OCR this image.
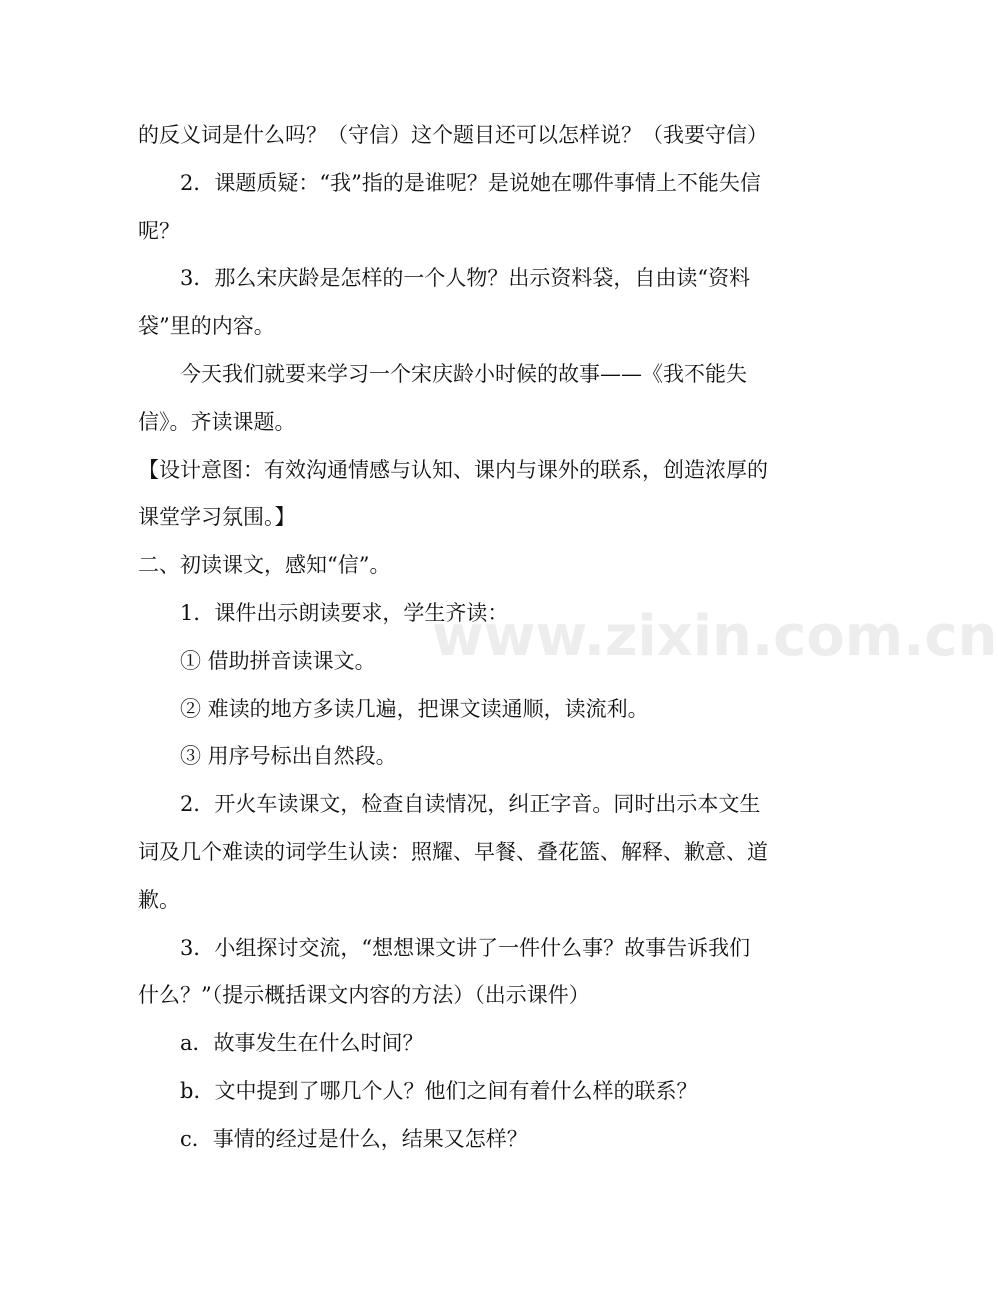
的反义词是什么吗？（守信）这个题目还可以怎样说？（我要守信）
2．课题质疑：“我”指的是谁呢？是说她在哪件事情上不能失信
呢？
3．那么宋庆龄是怎样的一个人物？出示资料袋，自由读“资料
袋”里的内容。
今天我们就要来学习一个宋庆龄小时候的故事——《我不能失
信》。齐读课题。
【设计意图：有效沟通情感与认知、课内与课外的联系，创造浓厚的
课堂学习氛围。】
二、初读课文，感知“信”。
1．课件出示朗读要求，学生齐读：
① 借助拼音读课文。
② 难读的地方多读几遍，把课文读通顺，读流利。
③ 用序号标出自然段。
2．开火车读课文，检查自读情况，纠正字音。同时出示本文生
词及几个难读的词学生认读：照耀、早餐、叠花篮、解释、歉意、道
歉。
3．小组探讨交流，“想想课文讲了一件什么事？故事告诉我们
什么？”（提示概括课文内容的方法）（出示课件）
a．故事发生在什么时间？
b．文中提到了哪几个人？他们之间有着什么样的联系？
c．事情的经过是什么，结果又怎样？
www.zixin.com.cn
